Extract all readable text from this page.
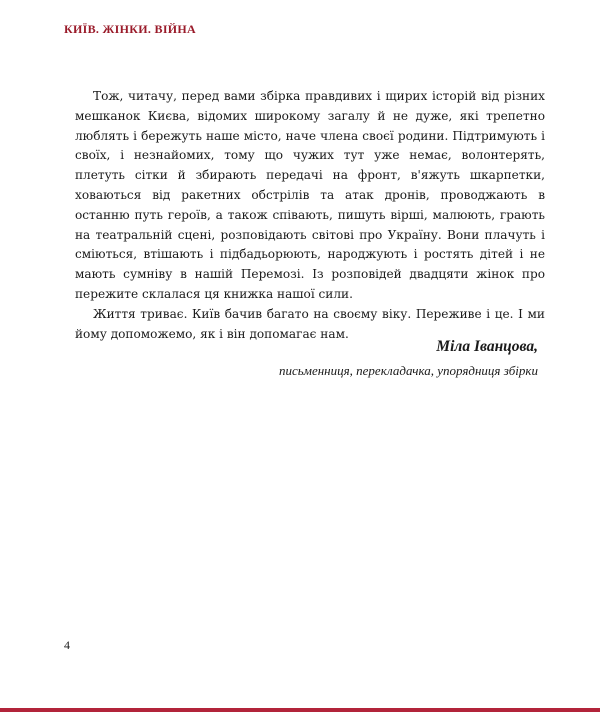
КИЇВ. ЖІНКИ. ВІЙНА

Тож, читачу, перед вами збірка правдивих і щирих історій від різних мешканок Києва, відомих широкому загалу й не дуже, які трепетно люблять і бережуть наше місто, наче члена своєї родини. Підтримують і своїх, і незнайомих, тому що чужих тут уже немає, волонтерять, плетуть сітки й збирають передачі на фронт, в'яжуть шкарпетки, ховаються від ракетних обстрілів та атак дронів, проводжають в останню путь героїв, а також співають, пишуть вірші, малюють, грають на театральній сцені, розповідають світові про Україну. Вони плачуть і сміються, втішають і підбадьорюють, народжують і ростять дітей і не мають сумніву в нашій Перемозі. Із розповідей двадцяти жінок про пережите склалася ця книжка нашої сили.

Життя триває. Київ бачив багато на своєму віку. Переживе і це. І ми йому допоможемо, як і він допомагає нам.

Міла Іванцова,
письменниця, перекладачка, упорядниця збірки
4
